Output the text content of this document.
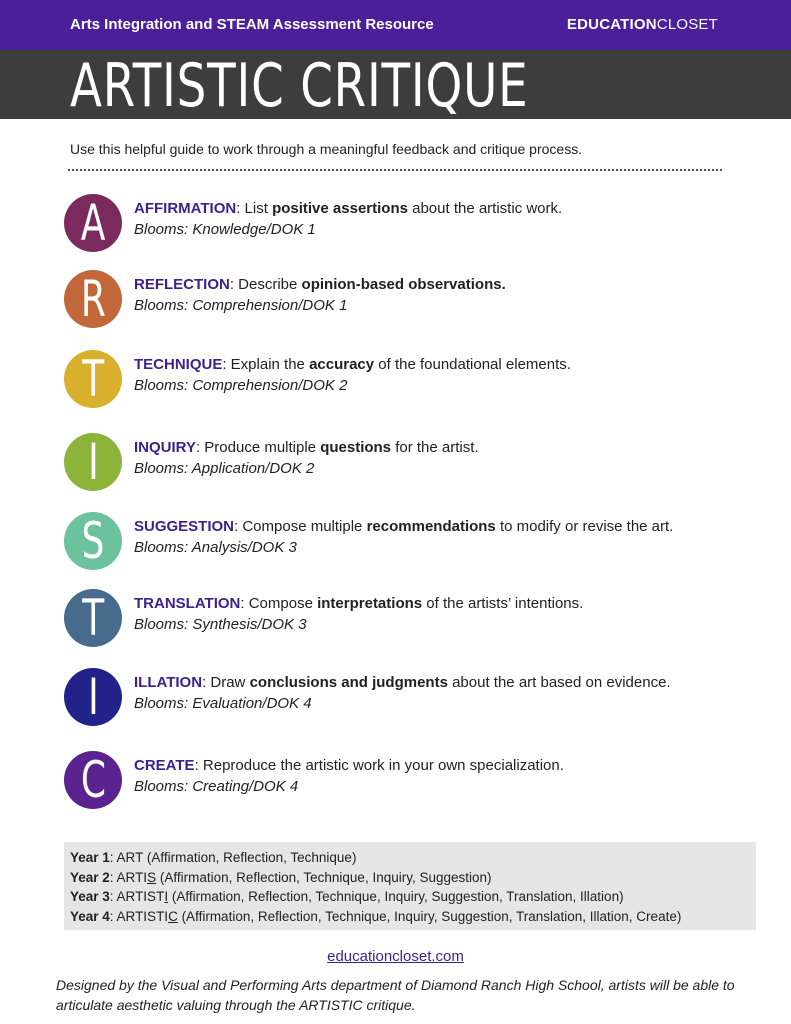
Arts Integration and STEAM Assessment Resource	EDUCATIONCLOSET
ARTISTIC CRITIQUE
Use this helpful guide to work through a meaningful feedback and critique process.
A	AFFIRMATION: List positive assertions about the artistic work.
Blooms: Knowledge/DOK 1
R	REFLECTION: Describe opinion-based observations.
Blooms: Comprehension/DOK 1
T	TECHNIQUE: Explain the accuracy of the foundational elements.
Blooms: Comprehension/DOK 2
I	INQUIRY: Produce multiple questions for the artist.
Blooms: Application/DOK 2
S	SUGGESTION: Compose multiple recommendations to modify or revise the art.
Blooms: Analysis/DOK 3
T	TRANSLATION: Compose interpretations of the artists’ intentions.
Blooms: Synthesis/DOK 3
I	ILLATION: Draw conclusions and judgments about the art based on evidence.
Blooms: Evaluation/DOK 4
C	CREATE: Reproduce the artistic work in your own specialization.
Blooms: Creating/DOK 4
Year 1: ART (Affirmation, Reflection, Technique)
Year 2: ARTIS (Affirmation, Reflection, Technique, Inquiry, Suggestion)
Year 3: ARTISTI (Affirmation, Reflection, Technique, Inquiry, Suggestion, Translation, Illation)
Year 4: ARTISTIC (Affirmation, Reflection, Technique, Inquiry, Suggestion, Translation, Illation, Create)
educationcloset.com
Designed by the Visual and Performing Arts department of Diamond Ranch High School, artists will be able to articulate aesthetic valuing through the ARTISTIC critique.
